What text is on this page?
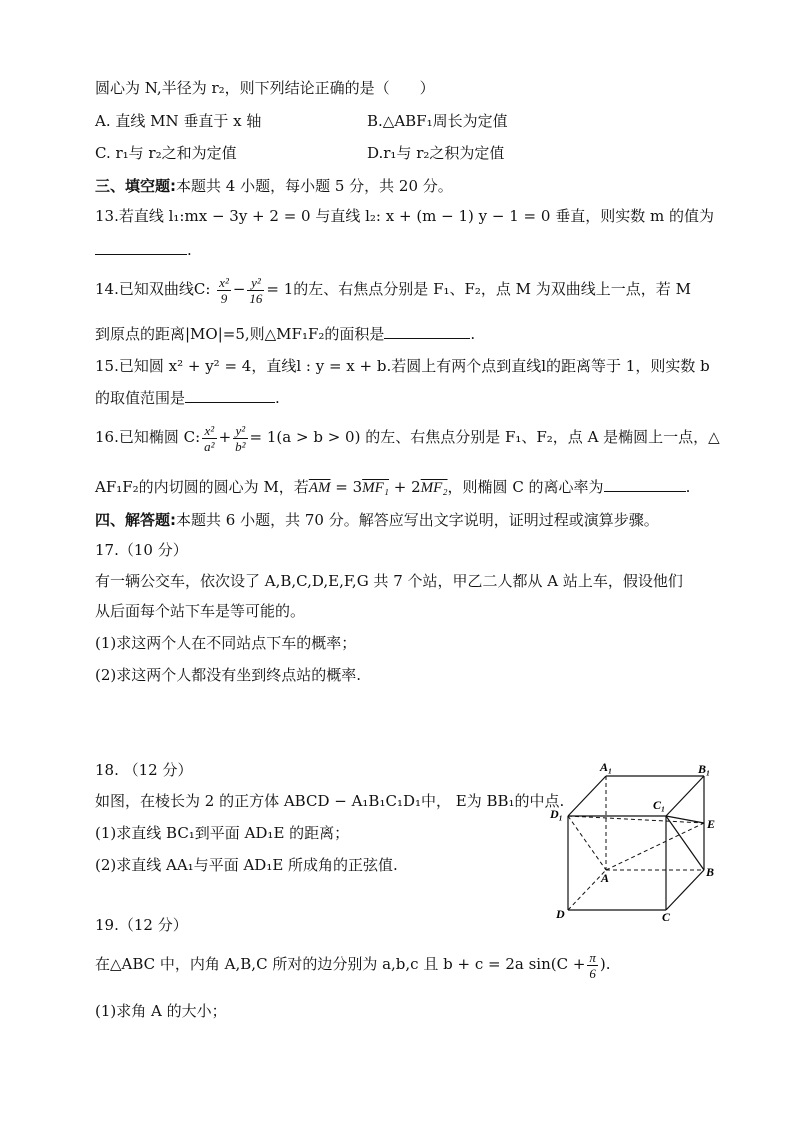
圆心为 N,半径为 r₂，则下列结论正确的是（　　）
A. 直线 MN 垂直于 x 轴	B.△ABF₁周长为定值
C. r₁与 r₂之和为定值	D.r₁与 r₂之积为定值
三、填空题:本题共 4 小题，每小题 5 分，共 20 分。
13.若直线 l₁:mx − 3y + 2 = 0 与直线 l₂: x + (m − 1) y − 1 = 0 垂直，则实数 m 的值为
.
14.已知双曲线C: $\frac{\text{x²}}{9} - \frac{\text{y²}}{16} = 1$的左、右焦点分别是 F₁、F₂，点 M 为双曲线上一点，若 M
到原点的距离|MO|=5,则△MF₁F₂的面积是	.
15.已知圆 x² + y² = 4，直线l : y = x + b.若圆上有两个点到直线l的距离等于 1，则实数 b
的取值范围是	.
16.已知椭圆 C: $\frac{\text{x²}}{\text{a²}} + \frac{\text{y²}}{\text{b²}} = 1(a > b > 0)$ 的左、右焦点分别是 F₁、F₂，点 A 是椭圆上一点，△
AF₁F₂的内切圆的圆心为 M，若$\overline{AM} = 3MF_1 + 2MF_2$，则椭圆 C 的离心率为	.
四、解答题:本题共 6 小题，共 70 分。解答应写出文字说明，证明过程或演算步骤。
17.（10 分）
有一辆公交车，依次设了 A,B,C,D,E,F,G 共 7 个站，甲乙二人都从 A 站上车，假设他们
从后面每个站下车是等可能的。
(1)求这两个人在不同站点下车的概率；
(2)求这两个人都没有坐到终点站的概率.
18. （12 分）
如图，在棱长为 2 的正方体 ABCD − A₁B₁C₁D₁中， E为 BB₁的中点.
(1)求直线 BC₁到平面 AD₁E 的距离；
(2)求直线 AA₁与平面 AD₁E 所成角的正弦值.
A₁	B₁
C₁
D₁
E
A	B
C
D
19.（12 分）
在△ABC 中，内角 A,B,C 所对的边分别为 a,b,c 且 b + c = 2a $\sin(C + \frac{\pi}{6}$ ).
(1)求角 A 的大小；
